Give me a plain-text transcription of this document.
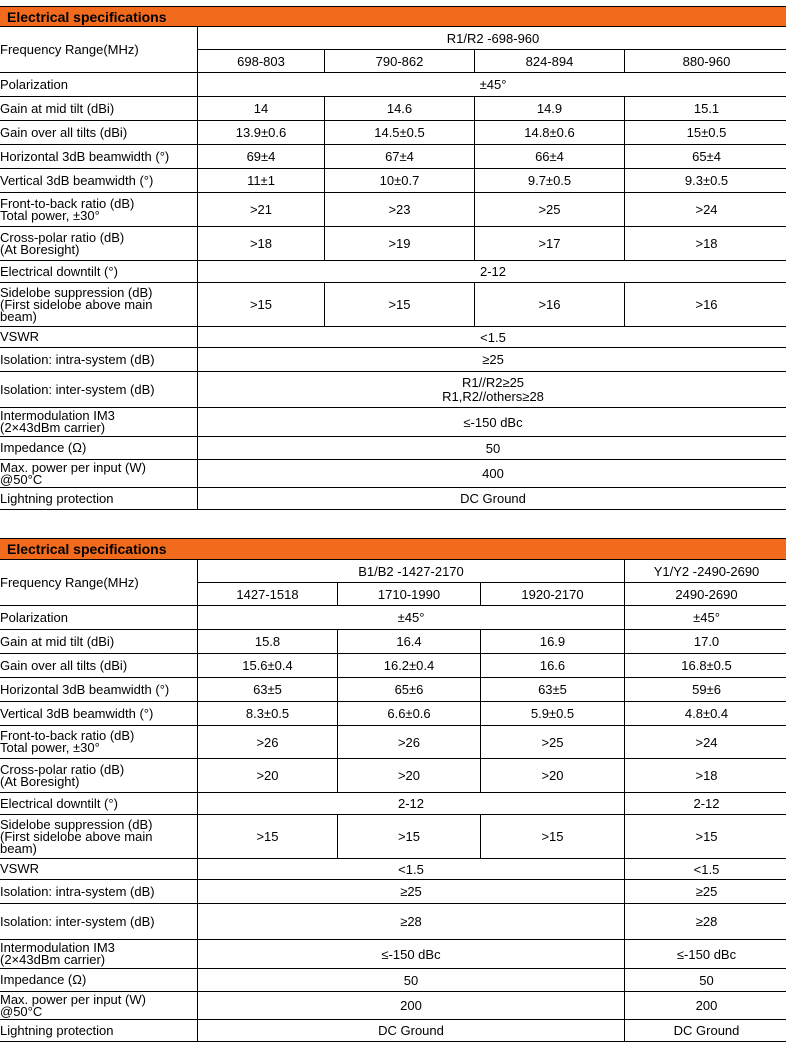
Electrical specifications				
Frequency Range(MHz)	R1/R2 -698-960			
	698-803	790-862	824-894	880-960
Polarization	±45°			
Gain at mid tilt (dBi)	14	14.6	14.9	15.1
Gain over all tilts (dBi)	13.9±0.6	14.5±0.5	14.8±0.6	15±0.5
Horizontal 3dB beamwidth (°)	69±4	67±4	66±4	65±4
Vertical 3dB beamwidth (°)	11±1	10±0.7	9.7±0.5	9.3±0.5

Front-to-back ratio (dB)
Total power, ±30°	>21	>23	>25	>24

Cross-polar ratio (dB)
(At Boresight)	>18	>19	>17	>18
Electrical downtilt (°)	2-12			

Sidelobe suppression (dB)
(First sidelobe above main
beam)	>15	>15	>16	>16
VSWR	<1.5			
Isolation: intra-system (dB)	≥25			
Isolation: inter-system (dB)	R1//R2≥25
R1,R2//others≥28			

Intermodulation IM3
(2×43dBm carrier)	≤-150 dBc			
Impedance (Ω)	50			

Max. power per input (W)
@50°C	400			
Lightning protection	DC Ground			
Electrical specifications				
Frequency Range(MHz)	B1/B2 -1427-2170			Y1/Y2 -2490-2690
	1427-1518	1710-1990	1920-2170	2490-2690
Polarization	±45°			±45°
Gain at mid tilt (dBi)	15.8	16.4	16.9	17.0
Gain over all tilts (dBi)	15.6±0.4	16.2±0.4	16.6	16.8±0.5
Horizontal 3dB beamwidth (°)	63±5	65±6	63±5	59±6
Vertical 3dB beamwidth (°)	8.3±0.5	6.6±0.6	5.9±0.5	4.8±0.4

Front-to-back ratio (dB)
Total power, ±30°	>26	>26	>25	>24

Cross-polar ratio (dB)
(At Boresight)	>20	>20	>20	>18
Electrical downtilt (°)	2-12			2-12

Sidelobe suppression (dB)
(First sidelobe above main
beam)	>15	>15	>15	>15
VSWR	<1.5			<1.5
Isolation: intra-system (dB)	≥25			≥25
Isolation: inter-system (dB)	≥28			≥28

Intermodulation IM3
(2×43dBm carrier)	≤-150 dBc			≤-150 dBc
Impedance (Ω)	50			50

Max. power per input (W)
@50°C	200			200
Lightning protection	DC Ground			DC Ground
